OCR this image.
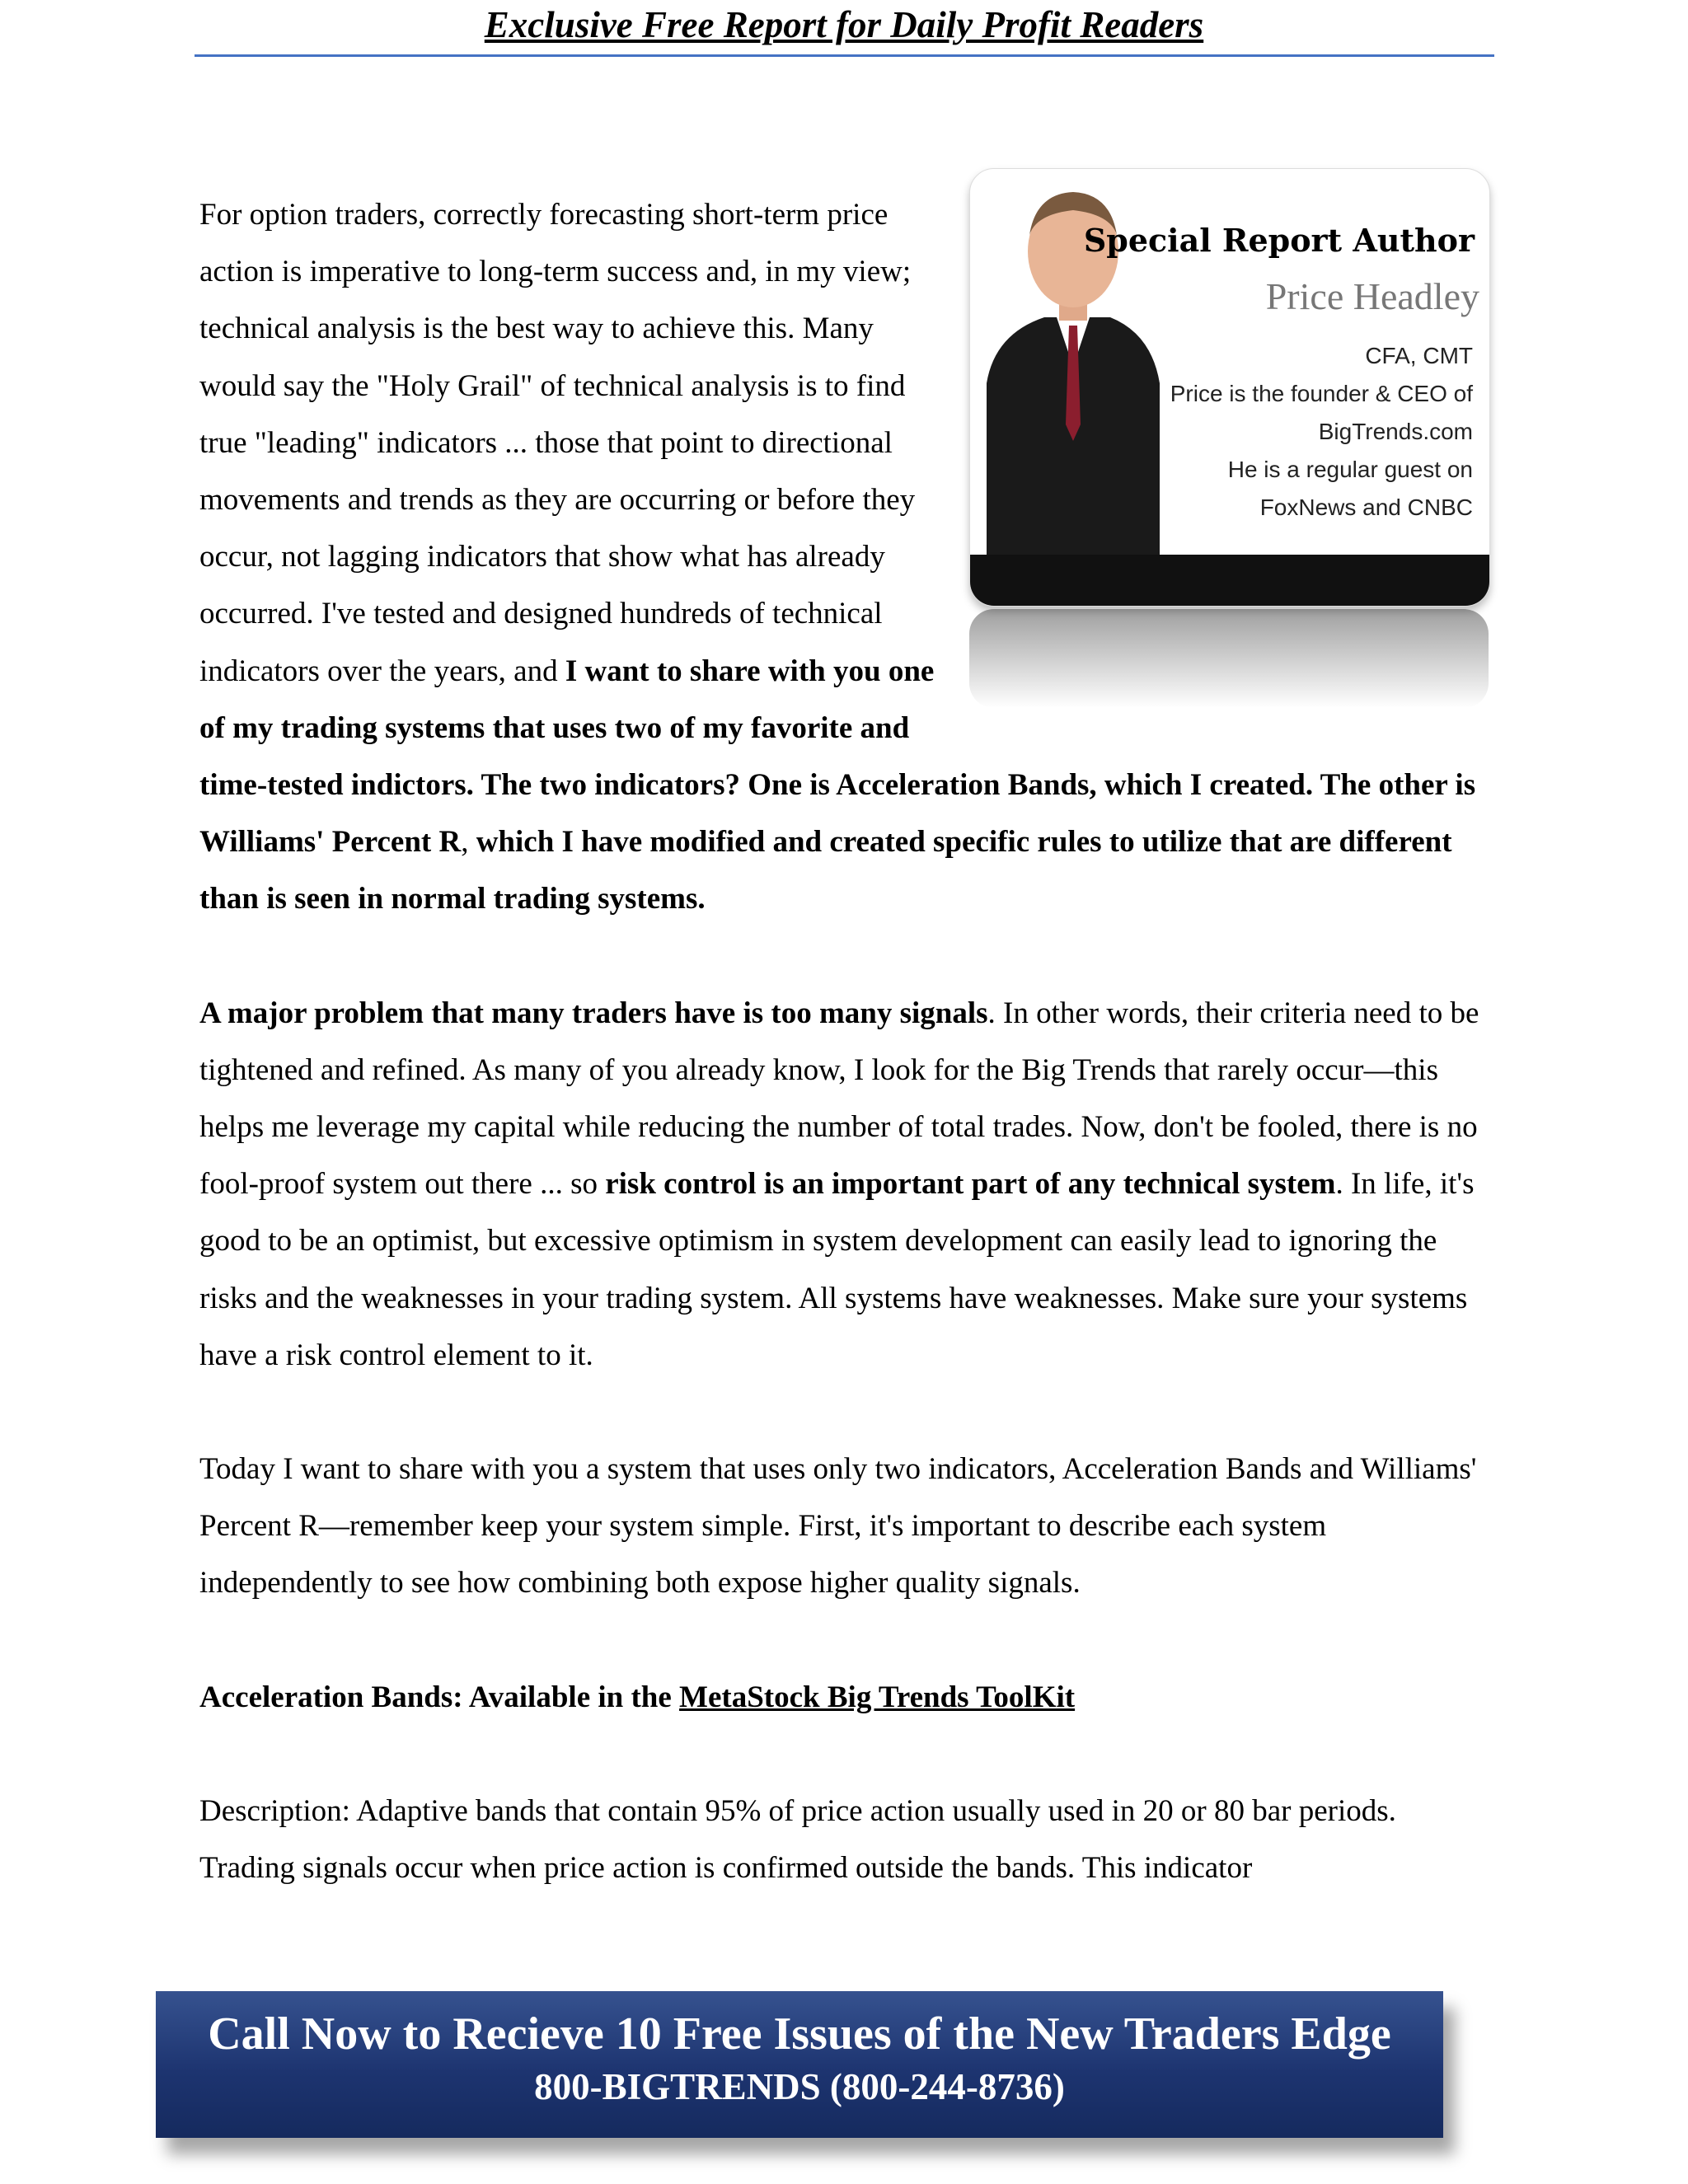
Exclusive Free Report for Daily Profit Readers
Special Report Author
Price Headley
CFA, CMT
Price is the founder & CEO of
BigTrends.com
He is a regular guest on
FoxNews and CNBC

For option traders, correctly forecasting short-term price action is imperative to long-term success and, in my view; technical analysis is the best way to achieve this. Many would say the "Holy Grail" of technical analysis is to find true "leading" indicators ... those that point to directional movements and trends as they are occurring or before they occur, not lagging indicators that show what has already occurred. I've tested and designed hundreds of technical indicators over the years, and I want to share with you one of my trading systems that uses two of my favorite and time-tested indictors. The two indicators? One is Acceleration Bands, which I created. The other is Williams' Percent R, which I have modified and created specific rules to utilize that are different than is seen in normal trading systems.

A major problem that many traders have is too many signals. In other words, their criteria need to be tightened and refined. As many of you already know, I look for the Big Trends that rarely occur—this helps me leverage my capital while reducing the number of total trades. Now, don't be fooled, there is no fool-proof system out there ... so risk control is an important part of any technical system. In life, it's good to be an optimist, but excessive optimism in system development can easily lead to ignoring the risks and the weaknesses in your trading system. All systems have weaknesses. Make sure your systems have a risk control element to it.

Today I want to share with you a system that uses only two indicators, Acceleration Bands and Williams' Percent R—remember keep your system simple. First, it's important to describe each system independently to see how combining both expose higher quality signals.

Acceleration Bands: Available in the MetaStock Big Trends ToolKit

Description: Adaptive bands that contain 95% of price action usually used in 20 or 80 bar periods. Trading signals occur when price action is confirmed outside the bands. This indicator

Call Now to Recieve 10 Free Issues of the New Traders Edge
800-BIGTRENDS (800-244-8736)
